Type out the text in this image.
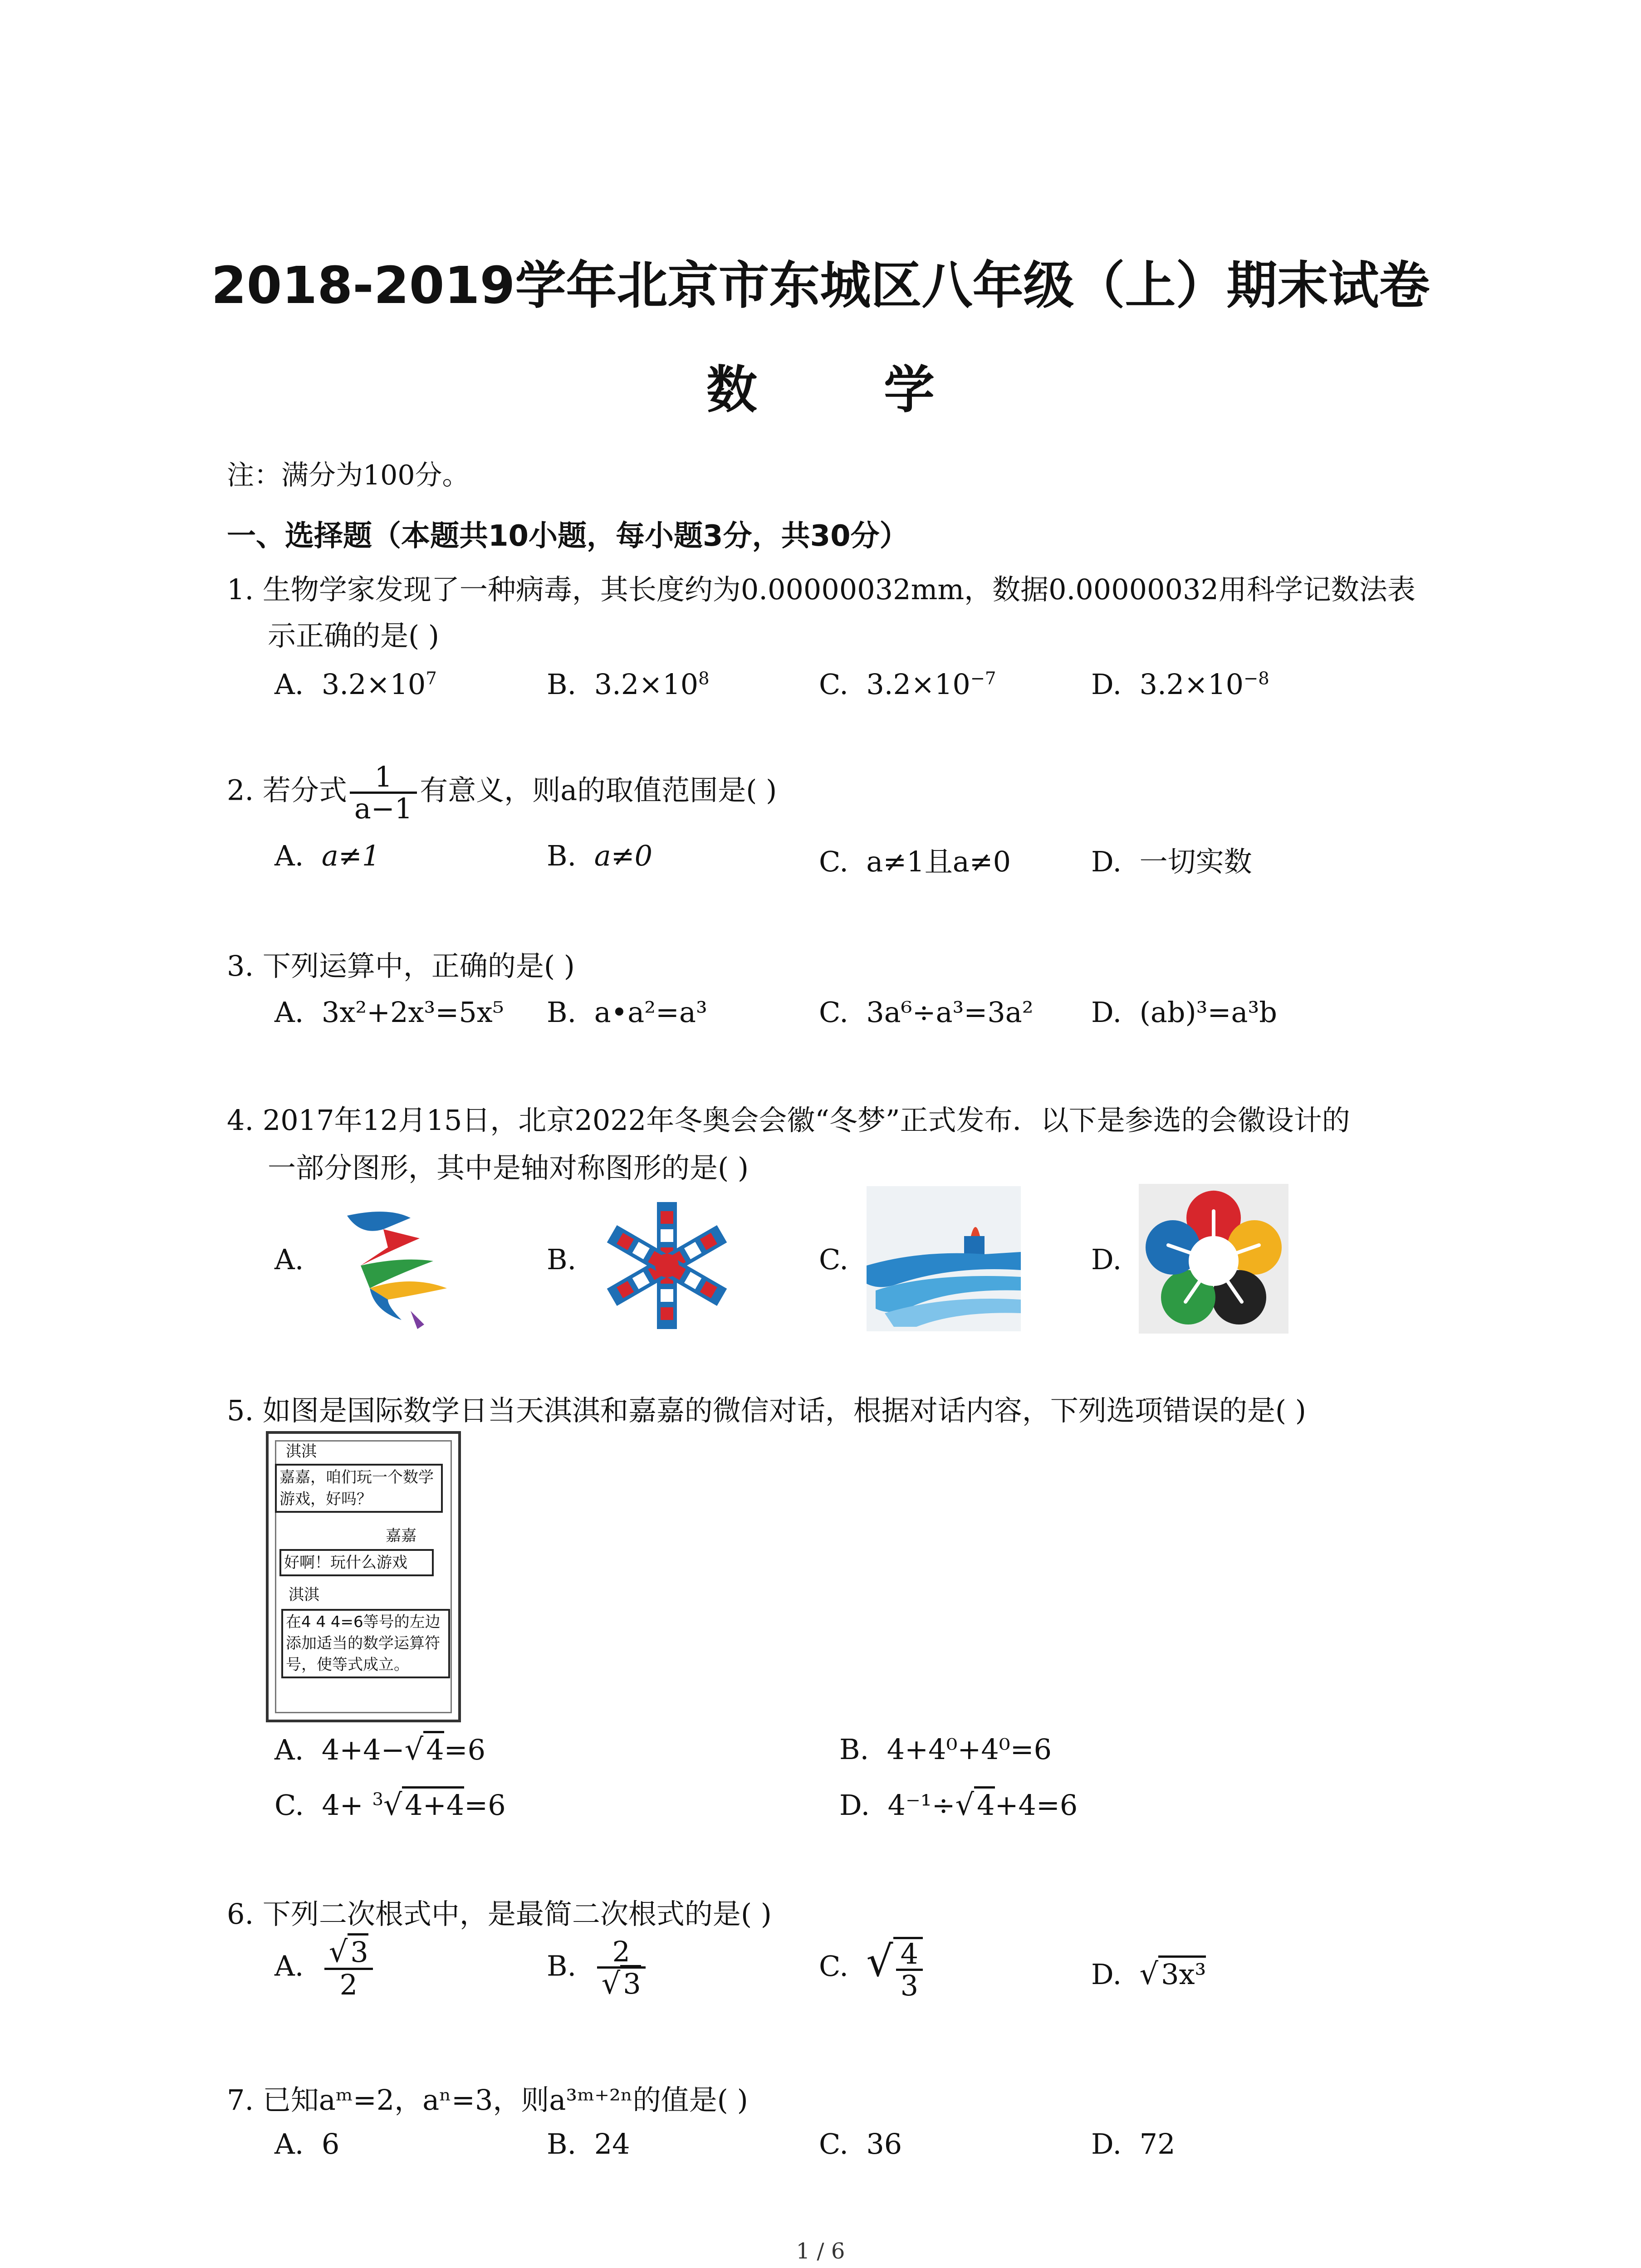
2018-2019学年北京市东城区八年级（上）期末试卷
数 学
注：满分为100分。
一、选择题（本题共10小题，每小题3分，共30分）
1. 生物学家发现了一种病毒，其长度约为0.00000032mm，数据0.00000032用科学记数法表
示正确的是( )
A. $3.2\times 10^7$	B. $3.2\times 10^8$	C. $3.2\times 10^{-7}$	D. $3.2\times 10^{-8}$
2. 若分式 $\frac{1}{a-1}$ 有意义，则a的取值范围是( )
A. a≠1	B. a≠0	C. a≠1且a≠0	D. 一切实数
3. 下列运算中，正确的是( )
A. 3x²+2x³=5x⁵ B. a•a²=a³	C. 3a⁶÷a³=3a² D. (ab)³=a³b
4. 2017年12月15日，北京2022年冬奥会会徽“冬梦”正式发布．以下是参选的会徽设计的
一部分图形，其中是轴对称图形的是( )
A.	B.	C.	D.
5. 如图是国际数学日当天淇淇和嘉嘉的微信对话，根据对话内容，下列选项错误的是( )
淇淇
嘉嘉，咱们玩一个数学游戏，好吗？
嘉嘉
好啊！玩什么游戏
淇淇
在4 4 4=6等号的左边添加适当的数学运算符号，使等式成立。
A. 4+4−√4=6	B. 4+4⁰+4⁰=6
C. 4+ $^3$√4+4=6	D. 4⁻¹÷√4+4=6
6. 下列二次根式中，是最简二次根式的是( )
A. $\frac{√3}{2}$	B. $\frac{2}{√3}$	C. √ $\frac{4}{3}$	D. √3x³
7. 已知aᵐ=2，aⁿ=3，则a³ᵐ⁺²ⁿ的值是( )
A. 6	B. 24	C. 36	D. 72
1 / 6
